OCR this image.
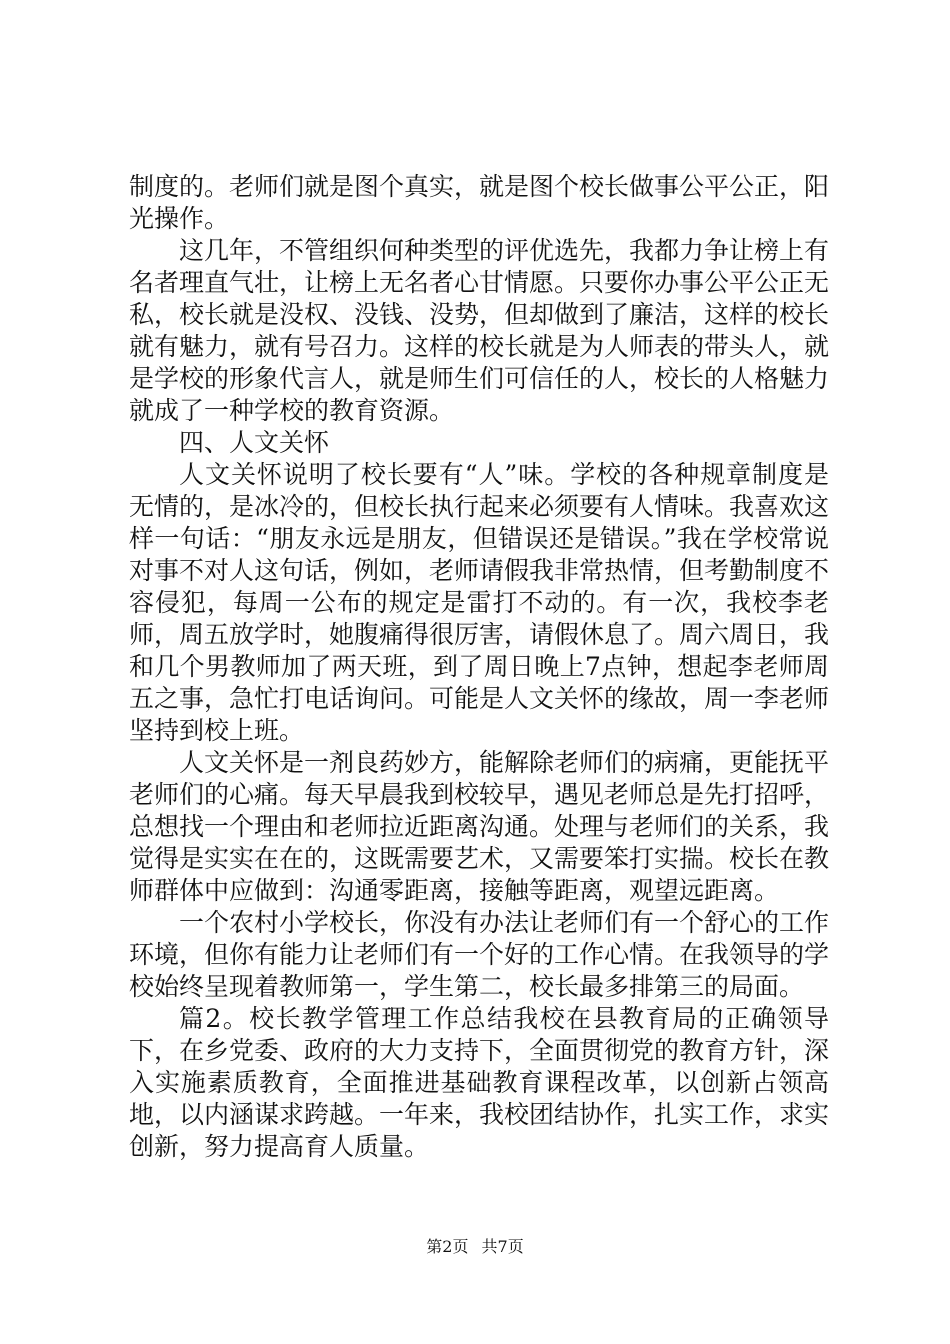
制度的。老师们就是图个真实，就是图个校长做事公平公正，阳光操作。

这几年，不管组织何种类型的评优选先，我都力争让榜上有名者理直气壮，让榜上无名者心甘情愿。只要你办事公平公正无私，校长就是没权、没钱、没势，但却做到了廉洁，这样的校长就有魅力，就有号召力。这样的校长就是为人师表的带头人，就是学校的形象代言人，就是师生们可信任的人，校长的人格魅力就成了一种学校的教育资源。

四、人文关怀

人文关怀说明了校长要有“人”味。学校的各种规章制度是无情的，是冰冷的，但校长执行起来必须要有人情味。我喜欢这样一句话：“朋友永远是朋友，但错误还是错误。”我在学校常说对事不对人这句话，例如，老师请假我非常热情，但考勤制度不容侵犯，每周一公布的规定是雷打不动的。有一次，我校李老师，周五放学时，她腹痛得很厉害，请假休息了。周六周日，我和几个男教师加了两天班，到了周日晚上7点钟，想起李老师周五之事，急忙打电话询问。可能是人文关怀的缘故，周一李老师坚持到校上班。

人文关怀是一剂良药妙方，能解除老师们的病痛，更能抚平老师们的心痛。每天早晨我到校较早，遇见老师总是先打招呼，总想找一个理由和老师拉近距离沟通。处理与老师们的关系，我觉得是实实在在的，这既需要艺术，又需要笨打实揣。校长在教师群体中应做到：沟通零距离，接触等距离，观望远距离。

一个农村小学校长，你没有办法让老师们有一个舒心的工作环境，但你有能力让老师们有一个好的工作心情。在我领导的学校始终呈现着教师第一，学生第二，校长最多排第三的局面。

篇2。校长教学管理工作总结我校在县教育局的正确领导下，在乡党委、政府的大力支持下，全面贯彻党的教育方针，深入实施素质教育，全面推进基础教育课程改革，以创新占领高地，以内涵谋求跨越。一年来，我校团结协作，扎实工作，求实创新，努力提高育人质量。

第2页 共7页
